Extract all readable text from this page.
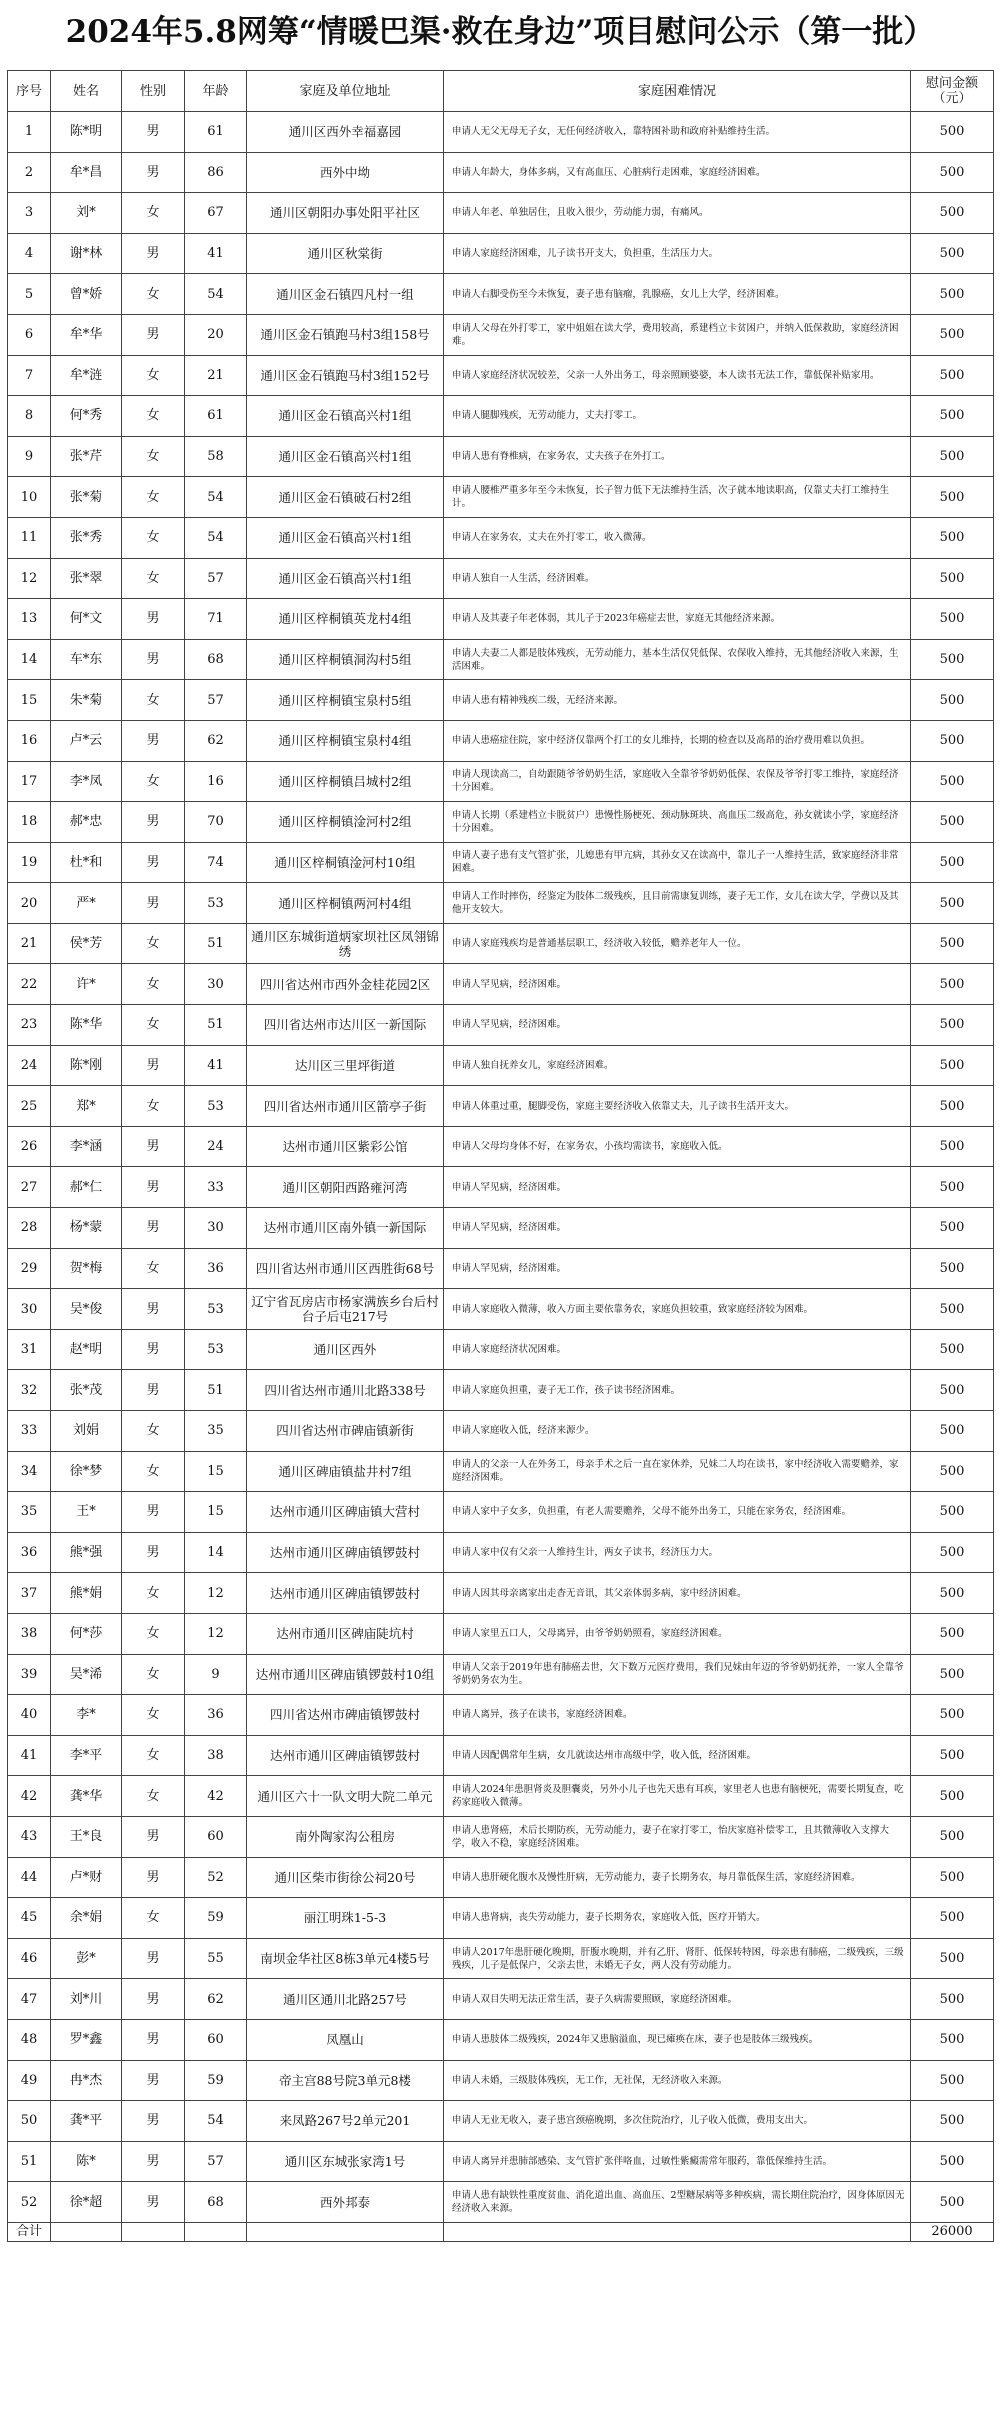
2024年5.8网筹“情暖巴渠·救在身边”项目慰问公示（第一批）
序号	姓名	性别	年龄	家庭及单位地址	家庭困难情况	慰问金额（元）
1	陈*明	男	61	通川区西外幸福嘉园	申请人无父无母无子女，无任何经济收入，靠特困补助和政府补贴维持生活。	500
2	牟*昌	男	86	西外中坳	申请人年龄大，身体多病，又有高血压、心脏病行走困难，家庭经济困难。	500
3	刘*	女	67	通川区朝阳办事处阳平社区	申请人年老、单独居住，且收入很少，劳动能力弱，有痛风。	500
4	谢*林	男	41	通川区秋棠街	申请人家庭经济困难，儿子读书开支大，负担重，生活压力大。	500
5	曾*娇	女	54	通川区金石镇四凡村一组	申请人右脚受伤至今未恢复，妻子患有脑瘤，乳腺癌，女儿上大学，经济困难。	500
6	牟*华	男	20	通川区金石镇跑马村3组158号	申请人父母在外打零工，家中姐姐在读大学，费用较高，系建档立卡贫困户，并纳入低保救助，家庭经济困难。	500
7	牟*涟	女	21	通川区金石镇跑马村3组152号	申请人家庭经济状况较差，父亲一人外出务工，母亲照顾婆婆，本人读书无法工作，靠低保补贴家用。	500
8	何*秀	女	61	通川区金石镇高兴村1组	申请人腿脚残疾，无劳动能力，丈夫打零工。	500
9	张*芹	女	58	通川区金石镇高兴村1组	申请人患有脊椎病，在家务农，丈夫孩子在外打工。	500
10	张*菊	女	54	通川区金石镇破石村2组	申请人腰椎严重多年至今未恢复，长子智力低下无法维持生活，次子就本地读职高，仅靠丈夫打工维持生计。	500
11	张*秀	女	54	通川区金石镇高兴村1组	申请人在家务农，丈夫在外打零工，收入微薄。	500
12	张*翠	女	57	通川区金石镇高兴村1组	申请人独自一人生活，经济困难。	500
13	何*文	男	71	通川区梓桐镇英龙村4组	申请人及其妻子年老体弱，其儿子于2023年癌症去世，家庭无其他经济来源。	500
14	车*东	男	68	通川区梓桐镇洞沟村5组	申请人夫妻二人都是肢体残疾，无劳动能力，基本生活仅凭低保、农保收入维持，无其他经济收入来源，生活困难。	500
15	朱*菊	女	57	通川区梓桐镇宝泉村5组	申请人患有精神残疾二级，无经济来源。	500
16	卢*云	男	62	通川区梓桐镇宝泉村4组	申请人患癌症住院，家中经济仅靠两个打工的女儿维持，长期的检查以及高昂的治疗费用难以负担。	500
17	李*凤	女	16	通川区梓桐镇吕城村2组	申请人现读高二，自幼跟随爷爷奶奶生活，家庭收入全靠爷爷奶奶低保、农保及爷爷打零工维持，家庭经济十分困难。	500
18	郝*忠	男	70	通川区梓桐镇淦河村2组	申请人长期（系建档立卡脱贫户）患慢性肠梗死、颈动脉斑块、高血压二级高危，孙女就读小学，家庭经济十分困难。	500
19	杜*和	男	74	通川区梓桐镇淦河村10组	申请人妻子患有支气管扩张，儿媳患有甲亢病，其孙女又在读高中，靠儿子一人维持生活，致家庭经济非常困难。	500
20	严*	男	53	通川区梓桐镇两河村4组	申请人工作时摔伤，经鉴定为肢体二级残疾，且目前需康复训练，妻子无工作，女儿在读大学，学费以及其他开支较大。	500
21	侯*芳	女	51	通川区东城街道炳家坝社区凤翎锦绣	申请人家庭残疾均是普通基层职工，经济收入较低，赡养老年人一位。	500
22	许*	女	30	四川省达州市西外金桂花园2区	申请人罕见病，经济困难。	500
23	陈*华	女	51	四川省达州市达川区一新国际	申请人罕见病，经济困难。	500
24	陈*刚	男	41	达川区三里坪街道	申请人独自抚养女儿，家庭经济困难。	500
25	郑*	女	53	四川省达州市通川区箭亭子街	申请人体重过重，腿脚受伤，家庭主要经济收入依靠丈夫，儿子读书生活开支大。	500
26	李*涵	男	24	达州市通川区紫彩公馆	申请人父母均身体不好，在家务农，小孩均需读书，家庭收入低。	500
27	郝*仁	男	33	通川区朝阳西路雍河湾	申请人罕见病，经济困难。	500
28	杨*蒙	男	30	达州市通川区南外镇一新国际	申请人罕见病，经济困难。	500
29	贺*梅	女	36	四川省达州市通川区西胜街68号	申请人罕见病，经济困难。	500
30	吴*俊	男	53	辽宁省瓦房店市杨家满族乡台后村台子后屯217号	申请人家庭收入微薄，收入方面主要依靠务农，家庭负担较重，致家庭经济较为困难。	500
31	赵*明	男	53	通川区西外	申请人家庭经济状况困难。	500
32	张*茂	男	51	四川省达州市通川北路338号	申请人家庭负担重，妻子无工作，孩子读书经济困难。	500
33	刘娟	女	35	四川省达州市碑庙镇新街	申请人家庭收入低，经济来源少。	500
34	徐*梦	女	15	通川区碑庙镇盐井村7组	申请人的父亲一人在外务工，母亲手术之后一直在家休养，兄妹二人均在读书，家中经济收入需要赡养，家庭经济困难。	500
35	王*	男	15	达州市通川区碑庙镇大营村	申请人家中子女多，负担重，有老人需要赡养，父母不能外出务工，只能在家务农，经济困难。	500
36	熊*强	男	14	达州市通川区碑庙镇锣鼓村	申请人家中仅有父亲一人维持生计，两女子读书，经济压力大。	500
37	熊*娟	女	12	达州市通川区碑庙镇锣鼓村	申请人因其母亲离家出走杳无音讯，其父亲体弱多病，家中经济困难。	500
38	何*莎	女	12	达州市通川区碑庙陡坑村	申请人家里五口人，父母离异，由爷爷奶奶照看，家庭经济困难。	500
39	吴*浠	女	9	达州市通川区碑庙镇锣鼓村10组	申请人父亲于2019年患有肺癌去世，欠下数万元医疗费用，我们兄妹由年迈的爷爷奶奶抚养，一家人全靠爷爷奶奶务农为生。	500
40	李*	女	36	四川省达州市碑庙镇锣鼓村	申请人离异，孩子在读书，家庭经济困难。	500
41	李*平	女	38	达州市通川区碑庙镇锣鼓村	申请人因配偶常年生病，女儿就读达州市高级中学，收入低，经济困难。	500
42	龚*华	女	42	通川区六十一队文明大院二单元	申请人2024年患胆肾炎及胆囊炎，另外小儿子也先天患有耳疾，家里老人也患有脑梗死，需要长期复查，吃药家庭收入微薄。	500
43	王*良	男	60	南外陶家沟公租房	申请人患肾癌，术后长期防疾，无劳动能力，妻子在家打零工，怡庆家庭补偿零工，且其微薄收入支撑大学，收入不稳，家庭经济困难。	500
44	卢*财	男	52	通川区柴市街徐公祠20号	申请人患肝硬化腹水及慢性肝病，无劳动能力，妻子长期务农，每月靠低保生活，家庭经济困难。	500
45	余*娟	女	59	丽江明珠1-5-3	申请人患肾病，丧失劳动能力，妻子长期务农，家庭收入低，医疗开销大。	500
46	彭*	男	55	南坝金华社区8栋3单元4楼5号	申请人2017年患肝硬化晚期，肝腹水晚期，并有乙肝、肾肝、低保转特困，母亲患有肺癌，二级残疾，三级残疾，儿子是低保户，父亲去世，未婚无子女，两人没有劳动能力。	500
47	刘*川	男	62	通川区通川北路257号	申请人双目失明无法正常生活，妻子久病需要照顾，家庭经济困难。	500
48	罗*鑫	男	60	凤凰山	申请人患肢体二级残疾，2024年又患脑溢血，现已瘫痪在床，妻子也是肢体三级残疾。	500
49	冉*杰	男	59	帝主宫88号院3单元8楼	申请人未婚，三级肢体残疾，无工作，无社保，无经济收入来源。	500
50	龚*平	男	54	来凤路267号2单元201	申请人无业无收入，妻子患宫颈癌晚期，多次住院治疗，儿子收入低微，费用支出大。	500
51	陈*	男	57	通川区东城张家湾1号	申请人离异并患肺部感染、支气管扩张伴咯血，过敏性紫癜需常年服药，靠低保维持生活。	500
52	徐*超	男	68	西外邦泰	申请人患有缺铁性重度贫血、消化道出血、高血压、2型糖尿病等多种疾病，需长期住院治疗，因身体原因无经济收入来源。	500
合计						26000
